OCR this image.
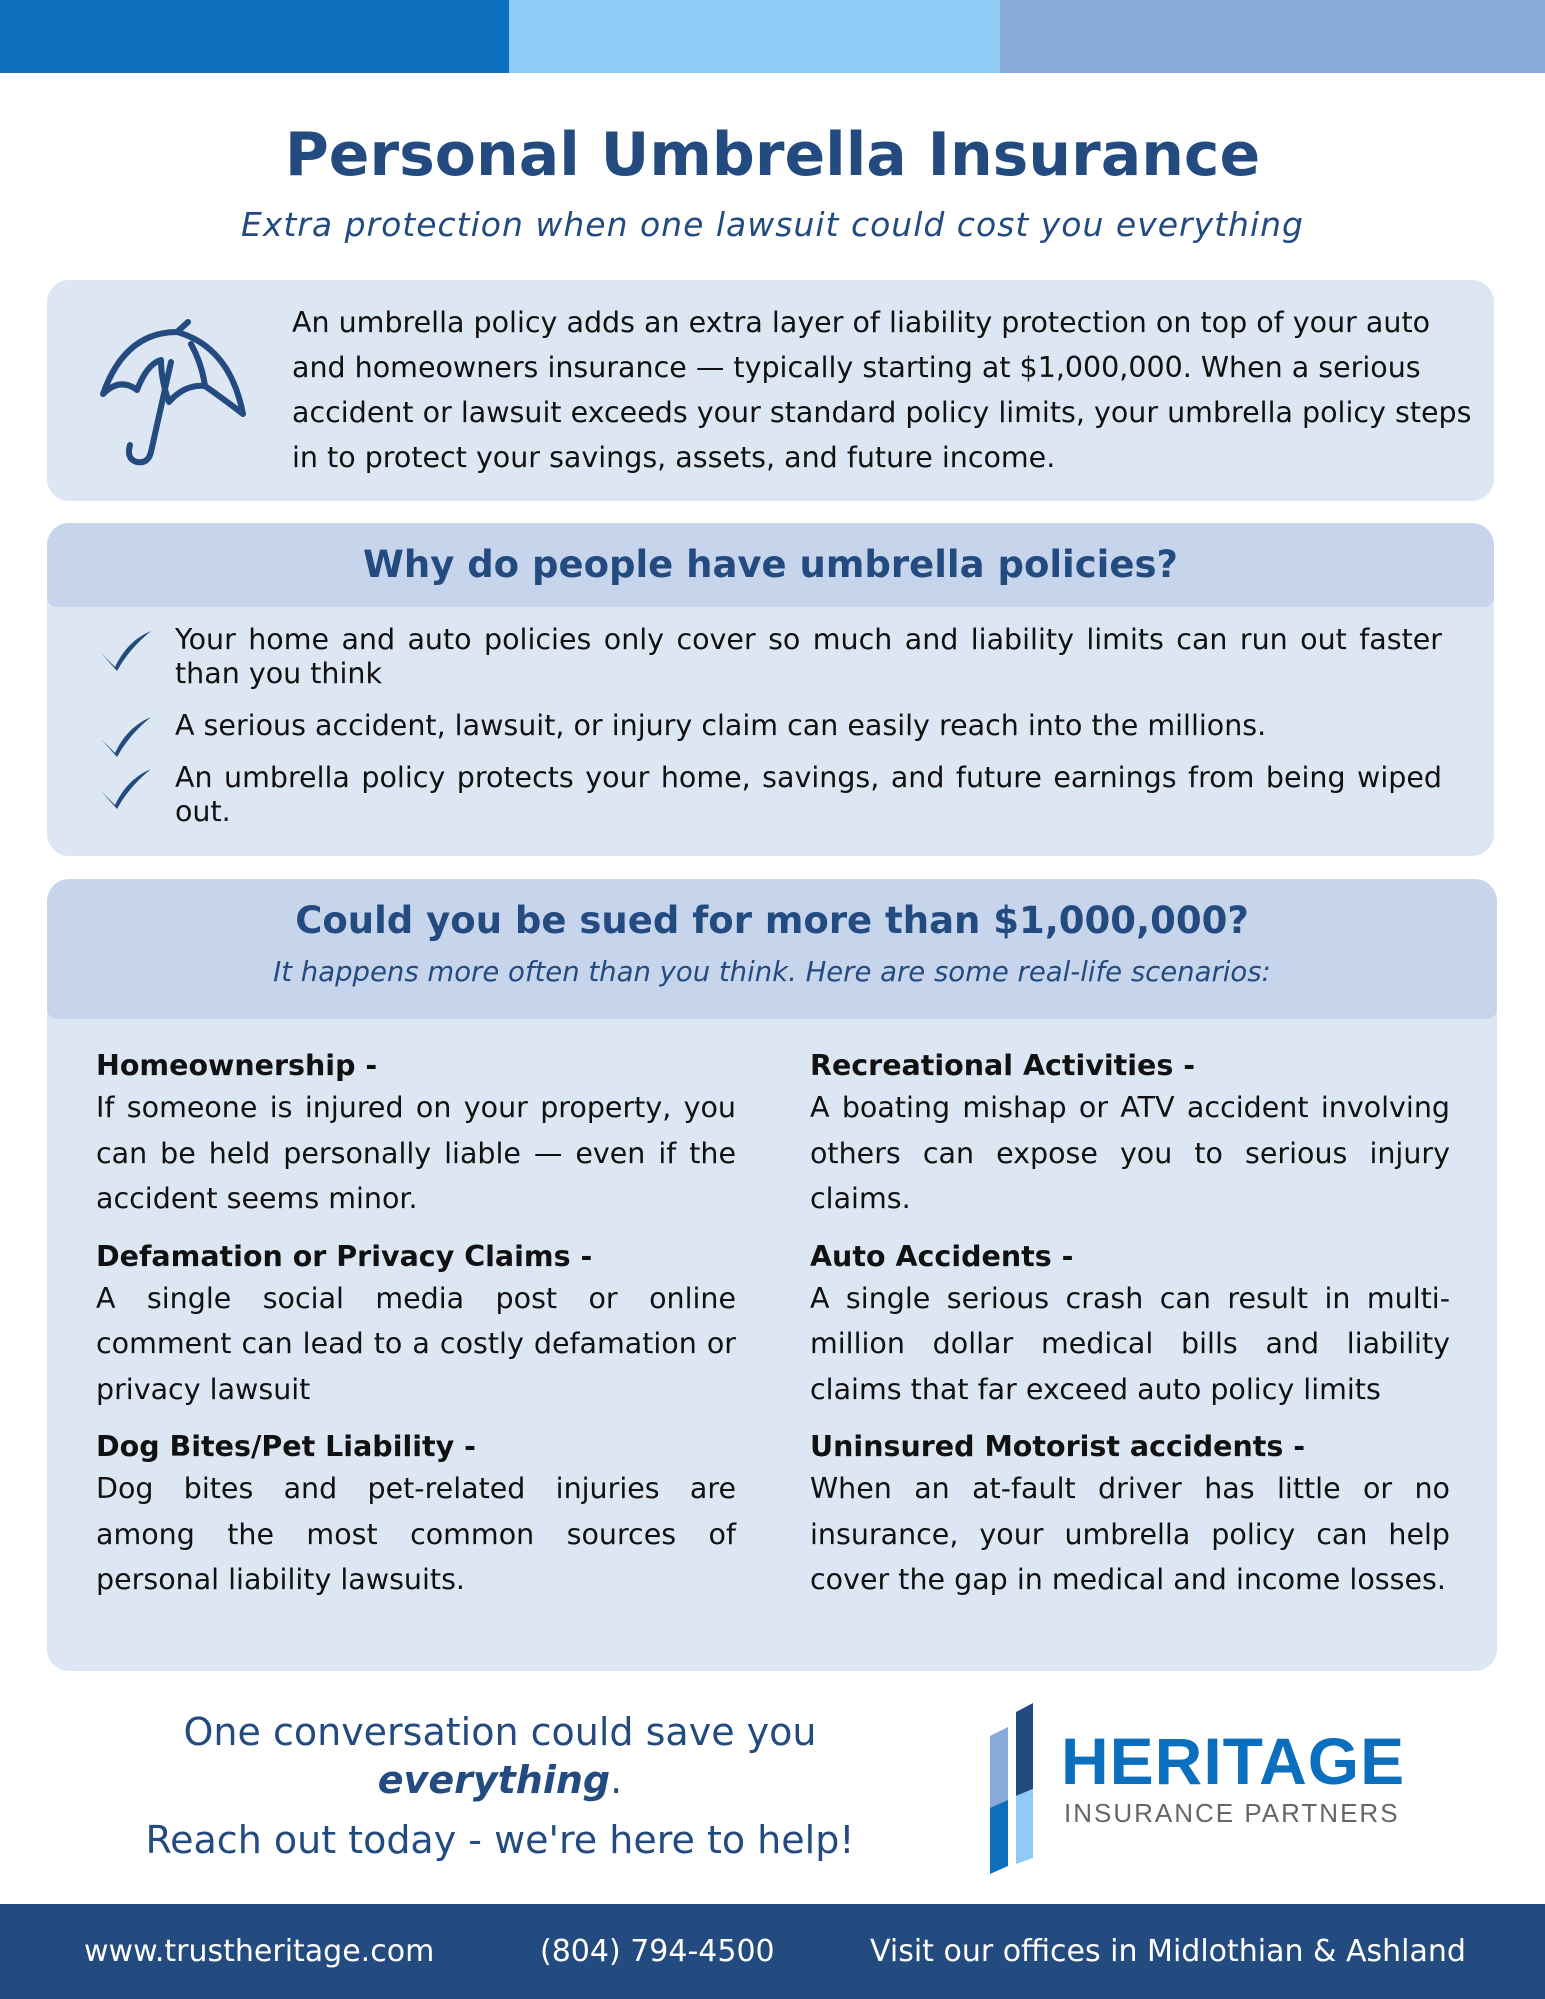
Personal Umbrella Insurance
Extra protection when one lawsuit could cost you everything

An umbrella policy adds an extra layer of liability protection on top of your auto and homeowners insurance — typically starting at $1,000,000. When a serious accident or lawsuit exceeds your standard policy limits, your umbrella policy steps in to protect your savings, assets, and future income.

Why do people have umbrella policies?
Your home and auto policies only cover so much and liability limits can run out faster than you think
A serious accident, lawsuit, or injury claim can easily reach into the millions.
An umbrella policy protects your home, savings, and future earnings from being wiped out.
Could you be sued for more than $1,000,000?
It happens more often than you think. Here are some real-life scenarios:
Homeownership -
If someone is injured on your property, you can be held personally liable — even if the accident seems minor.
Defamation or Privacy Claims -
A single social media post or online comment can lead to a costly defamation or privacy lawsuit
Dog Bites/Pet Liability -
Dog bites and pet-related injuries are among the most common sources of personal liability lawsuits.
Recreational Activities -
A boating mishap or ATV accident involving others can expose you to serious injury claims.
Auto Accidents -
A single serious crash can result in multi-million dollar medical bills and liability claims that far exceed auto policy limits
Uninsured Motorist accidents -
When an at-fault driver has little or no insurance, your umbrella policy can help cover the gap in medical and income losses.
One conversation could save you
everything.
Reach out today - we're here to help!
HERITAGE
INSURANCE PARTNERS
www.trustheritage.com	(804) 794-4500	Visit our offices in Midlothian & Ashland
